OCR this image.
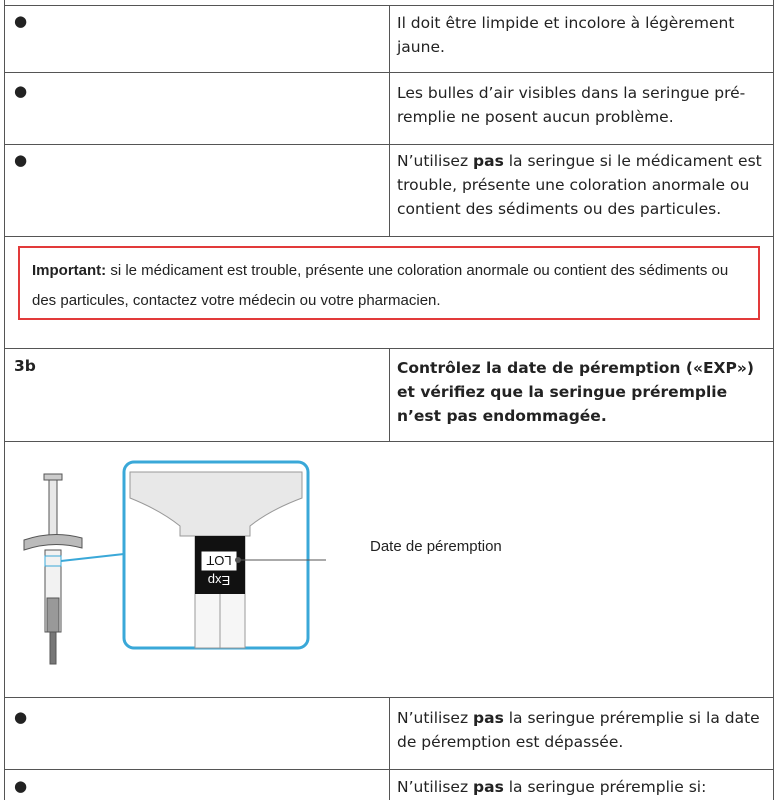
●	Il doit être limpide et incolore à légèrement jaune.
●	Les bulles d’air visibles dans la seringue pré-remplie ne posent aucun problème.
●	N’utilisez pas la seringue si le médicament est trouble, présente une coloration anormale ou contient des sédiments ou des particules.
Important: si le médicament est trouble, présente une coloration anormale ou contient des sédiments ou des particules, contactez votre médecin ou votre pharmacien.
3b	Contrôlez la date de péremption («EXP») et vérifiez que la seringue préremplie n’est pas endommagée.
LOT
Exp
Date de péremption
●	N’utilisez pas la seringue préremplie si la date de péremption est dépassée.
●	N’utilisez pas la seringue préremplie si:
